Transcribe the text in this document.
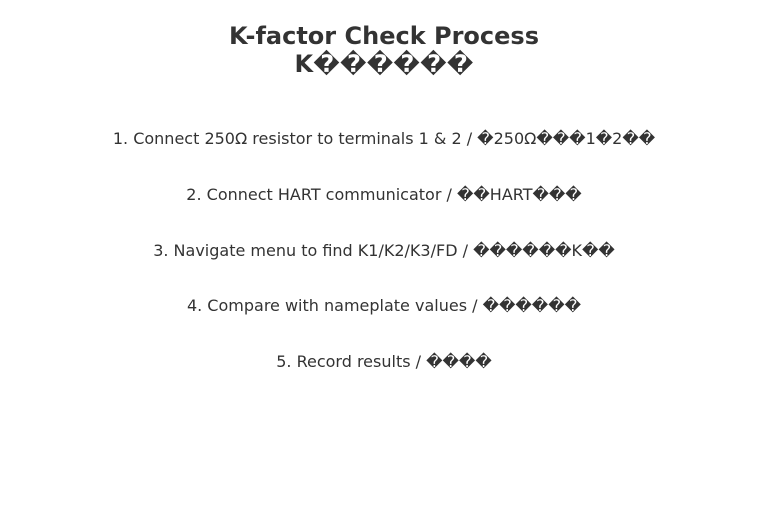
K-factor Check Process
K������
1. Connect 250Ω resistor to terminals 1 & 2 / �250Ω���1�2��
2. Connect HART communicator / ��HART���
3. Navigate menu to find K1/K2/K3/FD / ������K��
4. Compare with nameplate values / ������
5. Record results / ����
